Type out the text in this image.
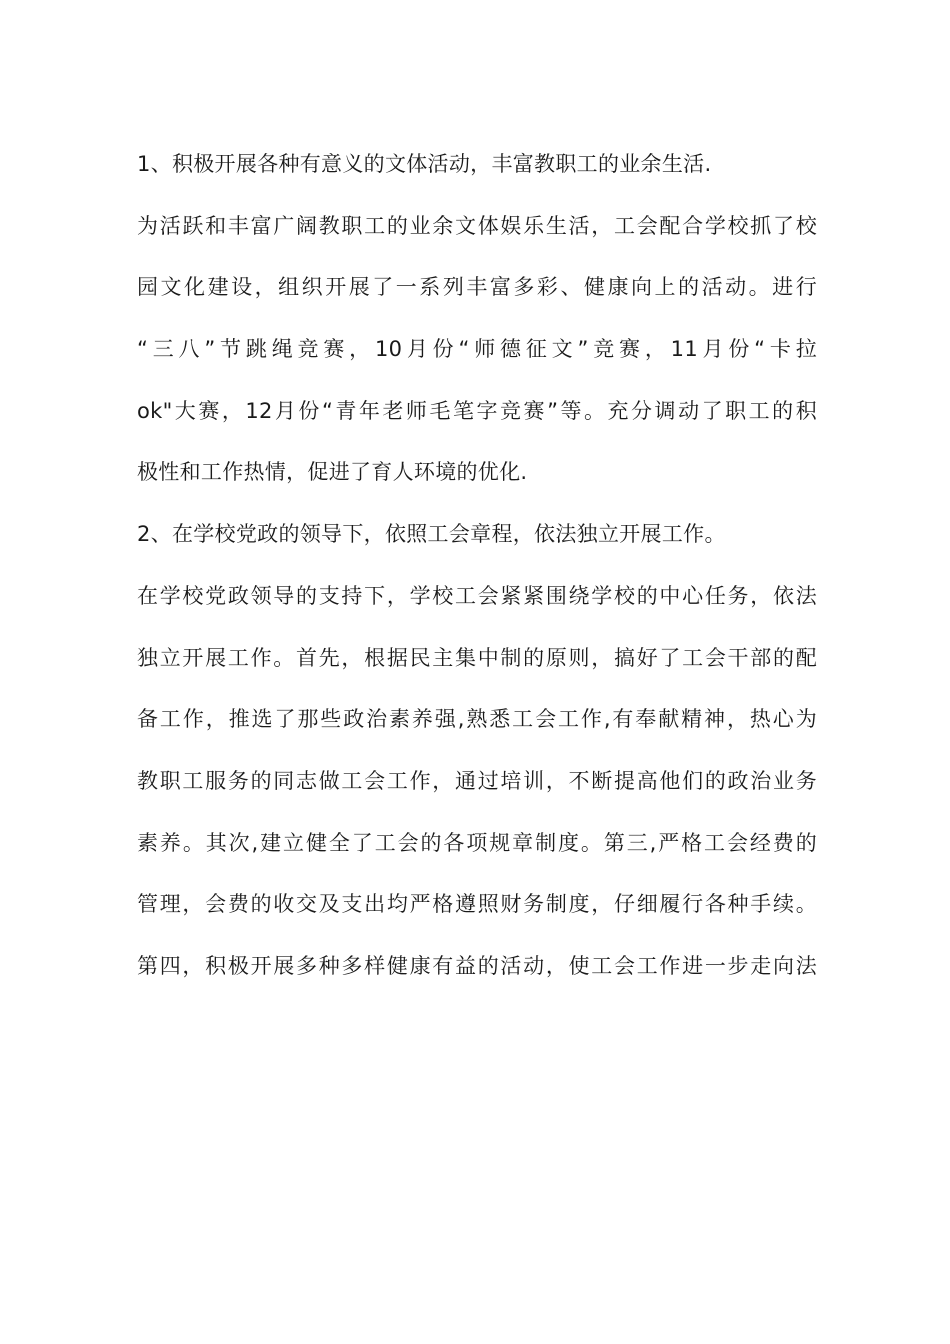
1、积极开展各种有意义的文体活动，丰富教职工的业余生活.
为活跃和丰富广阔教职工的业余文体娱乐生活，工会配合学校抓了校
园文化建设，组织开展了一系列丰富多彩、健康向上的活动。进行
“三八”节跳绳竞赛，10月份“师德征文”竞赛，11月份“卡拉
ok"大赛，12月份“青年老师毛笔字竞赛”等。充分调动了职工的积
极性和工作热情，促进了育人环境的优化.
2、在学校党政的领导下，依照工会章程，依法独立开展工作。
在学校党政领导的支持下，学校工会紧紧围绕学校的中心任务，依法
独立开展工作。首先，根据民主集中制的原则，搞好了工会干部的配
备工作，推选了那些政治素养强,熟悉工会工作,有奉献精神，热心为
教职工服务的同志做工会工作，通过培训，不断提高他们的政治业务
素养。其次,建立健全了工会的各项规章制度。第三,严格工会经费的
管理，会费的收交及支出均严格遵照财务制度，仔细履行各种手续。
第四，积极开展多种多样健康有益的活动，使工会工作进一步走向法
